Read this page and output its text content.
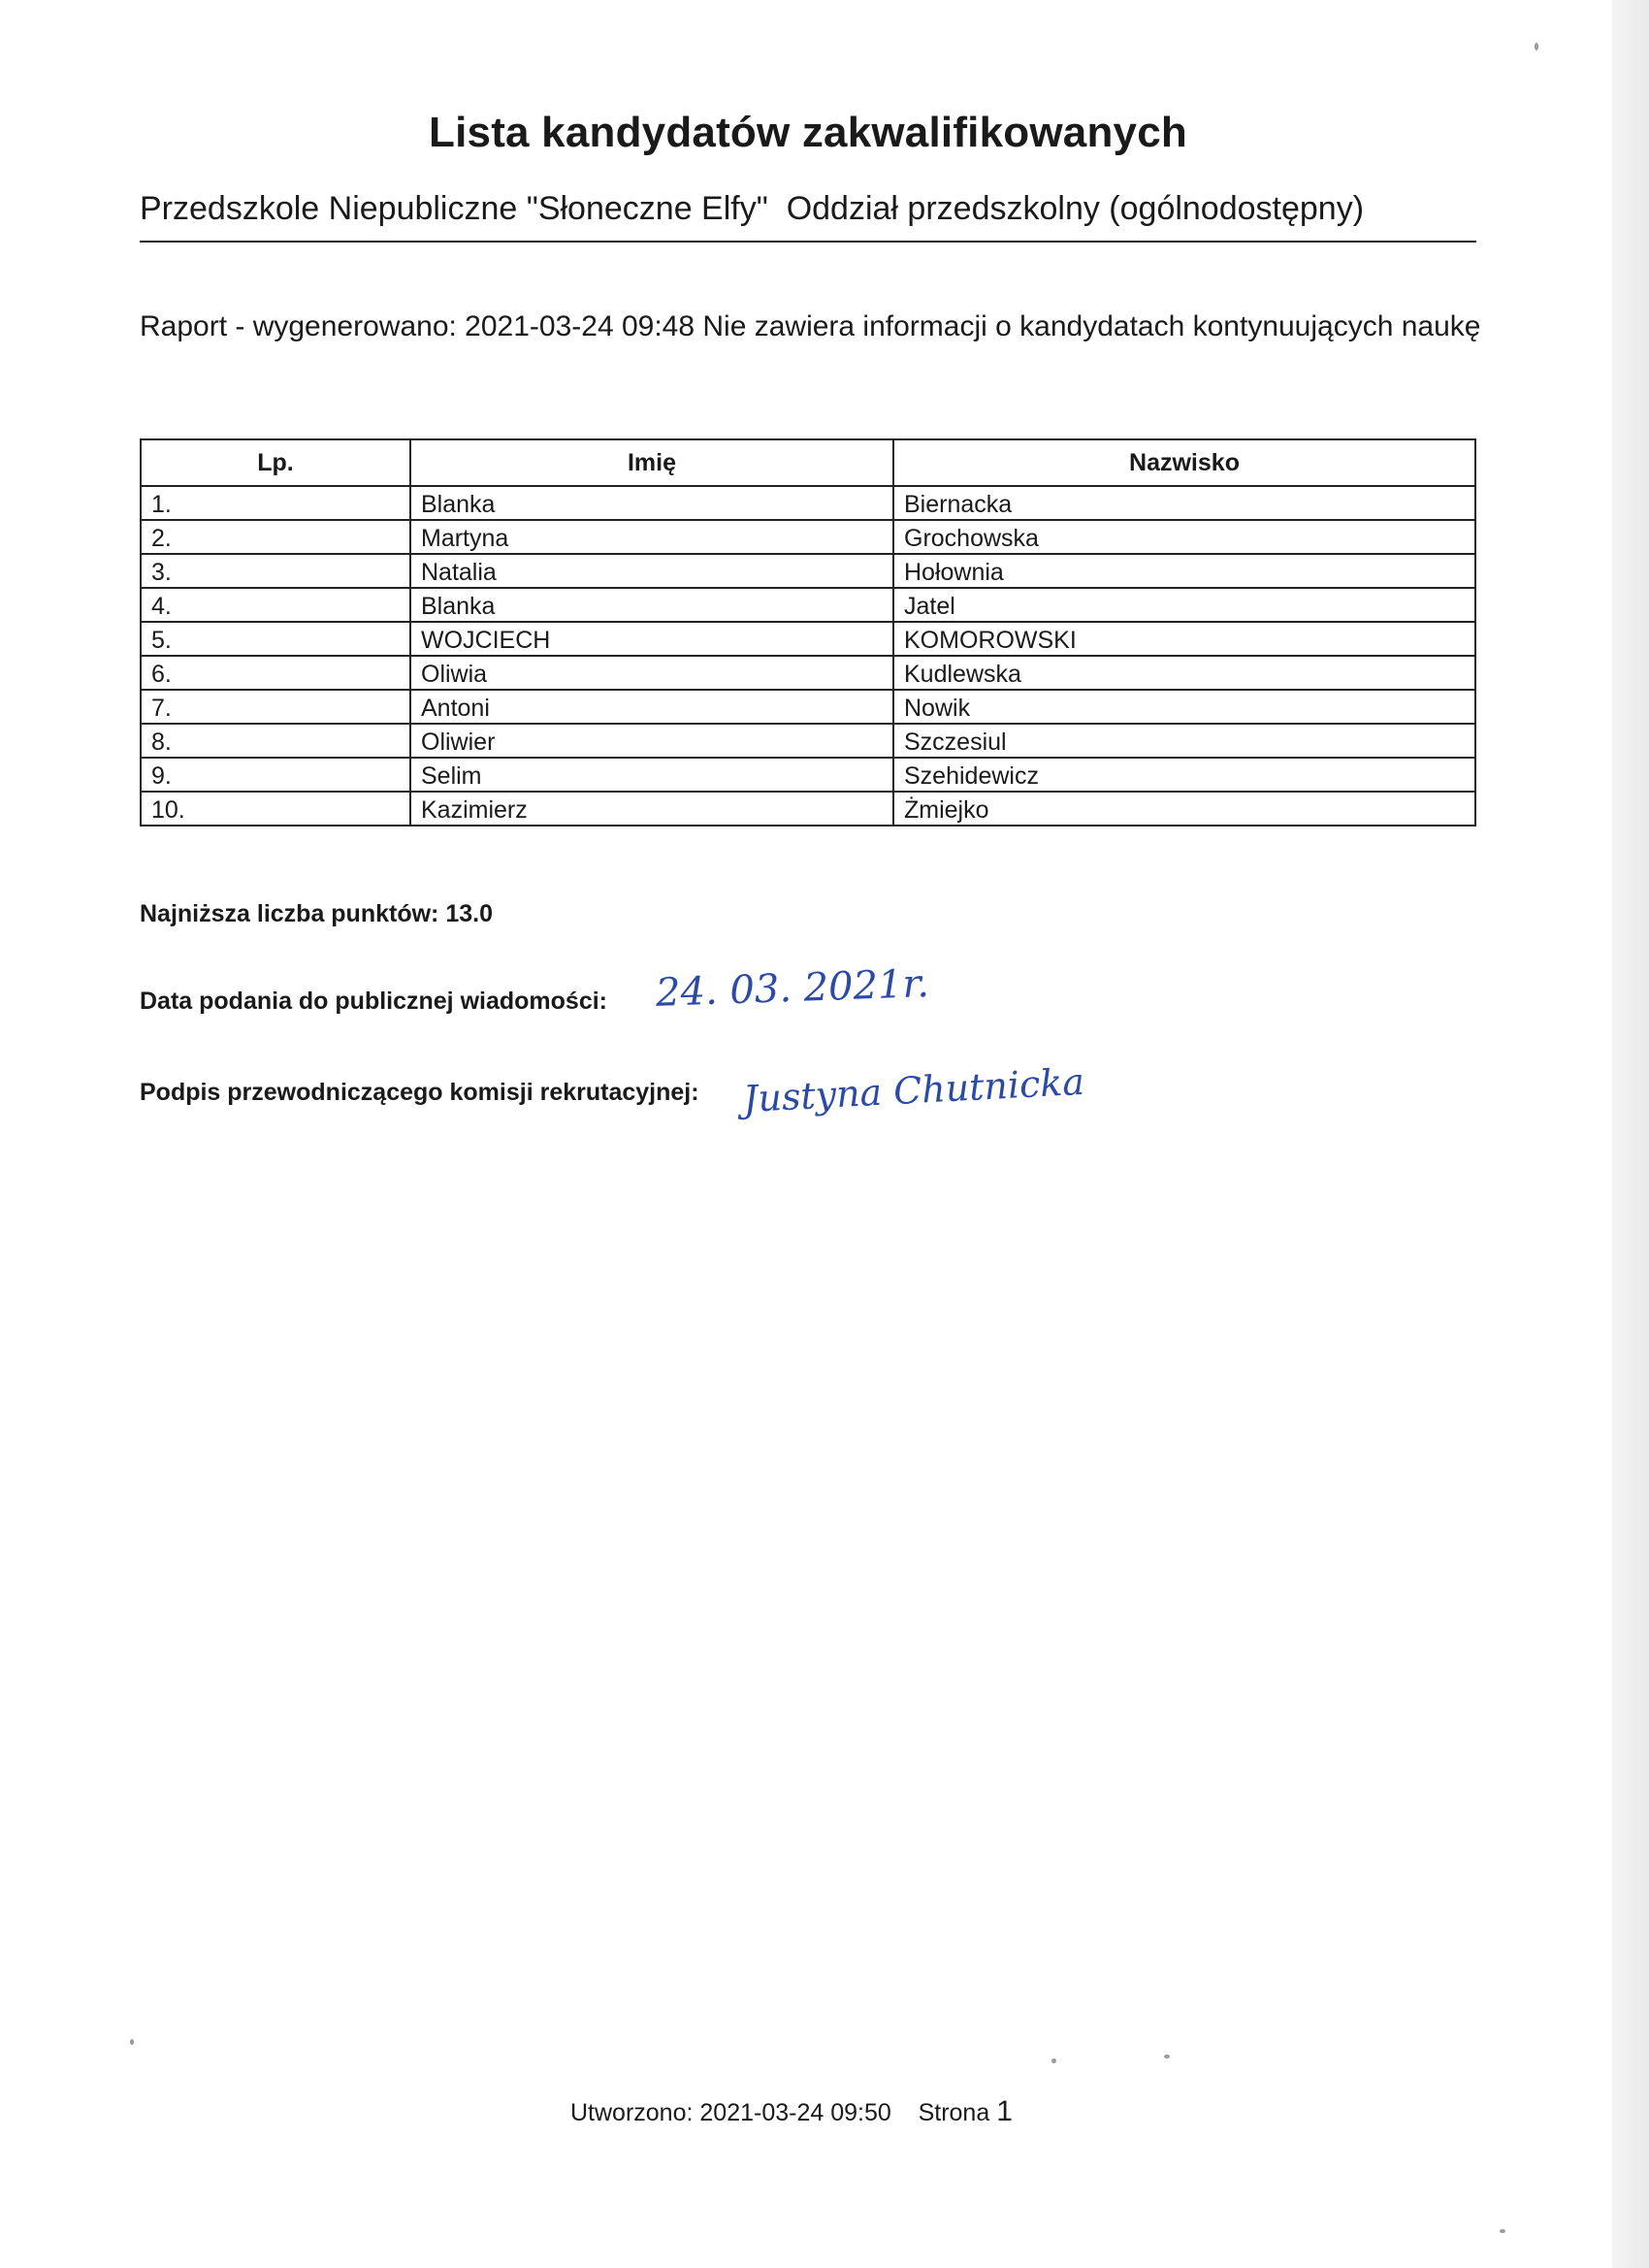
Lista kandydatów zakwalifikowanych
Przedszkole Niepubliczne "Słoneczne Elfy" Oddział przedszkolny (ogólnodostępny)
Raport - wygenerowano: 2021-03-24 09:48 Nie zawiera informacji o kandydatach kontynuujących naukę
Lp.	Imię	Nazwisko
1.	Blanka	Biernacka
2.	Martyna	Grochowska
3.	Natalia	Hołownia
4.	Blanka	Jatel
5.	WOJCIECH	KOMOROWSKI
6.	Oliwia	Kudlewska
7.	Antoni	Nowik
8.	Oliwier	Szczesiul
9.	Selim	Szehidewicz
10.	Kazimierz	Żmiejko
Najniższa liczba punktów: 13.0
Data podania do publicznej wiadomości: 24. 03. 2021r.
Podpis przewodniczącego komisji rekrutacyjnej: Justyna Chutnicka
Utworzono: 2021-03-24 09:50 Strona 1
